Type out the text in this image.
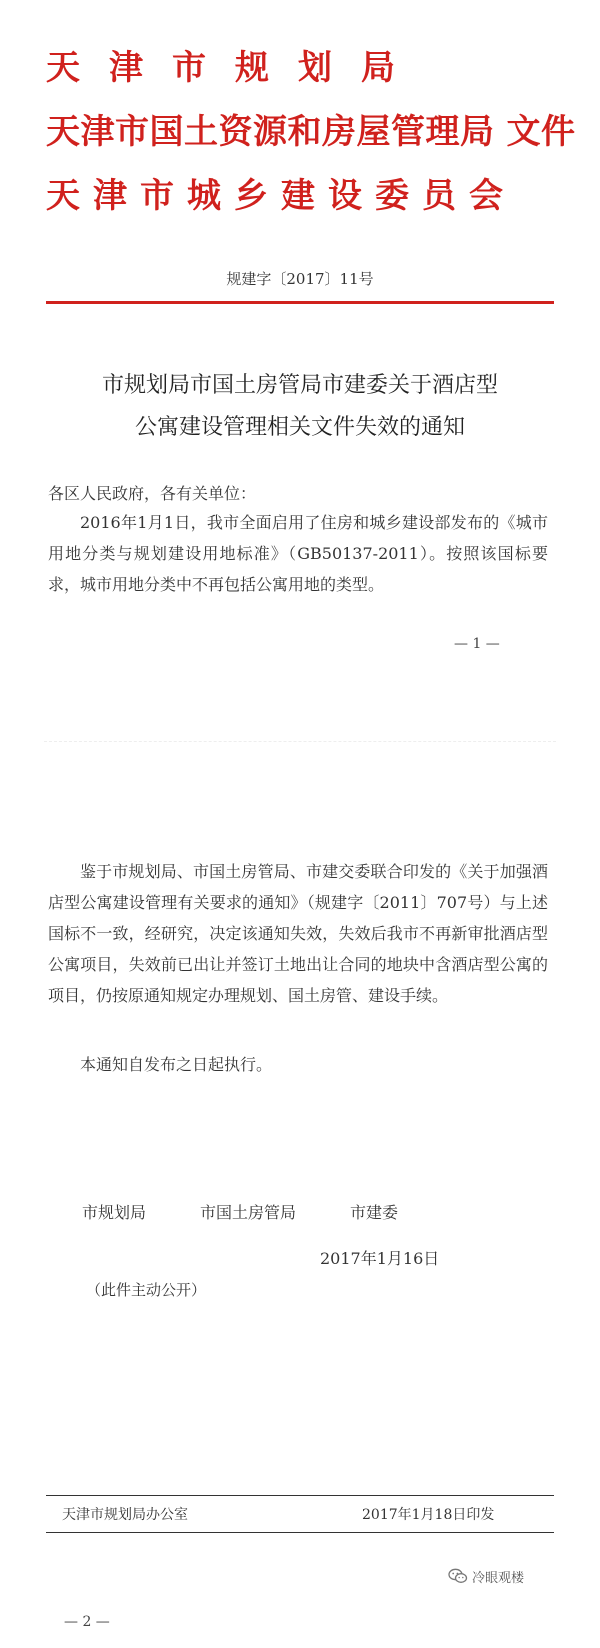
天津市规划局
天津市国土资源和房屋管理局 文件
天津市城乡建设委员会
规建字〔2017〕11号
市规划局市国土房管局市建委关于酒店型
公寓建设管理相关文件失效的通知
各区人民政府，各有关单位：
2016年1月1日，我市全面启用了住房和城乡建设部发布的《城市用地分类与规划建设用地标准》（GB50137-2011）。按照该国标要求，城市用地分类中不再包括公寓用地的类型。
— 1 —
鉴于市规划局、市国土房管局、市建交委联合印发的《关于加强酒店型公寓建设管理有关要求的通知》（规建字〔2011〕707号）与上述国标不一致，经研究，决定该通知失效，失效后我市不再新审批酒店型公寓项目，失效前已出让并签订土地出让合同的地块中含酒店型公寓的项目，仍按原通知规定办理规划、国土房管、建设手续。
本通知自发布之日起执行。
市规划局	市国土房管局	市建委
2017年1月16日
（此件主动公开）
天津市规划局办公室	2017年1月18日印发
— 2 —
冷眼观楼
